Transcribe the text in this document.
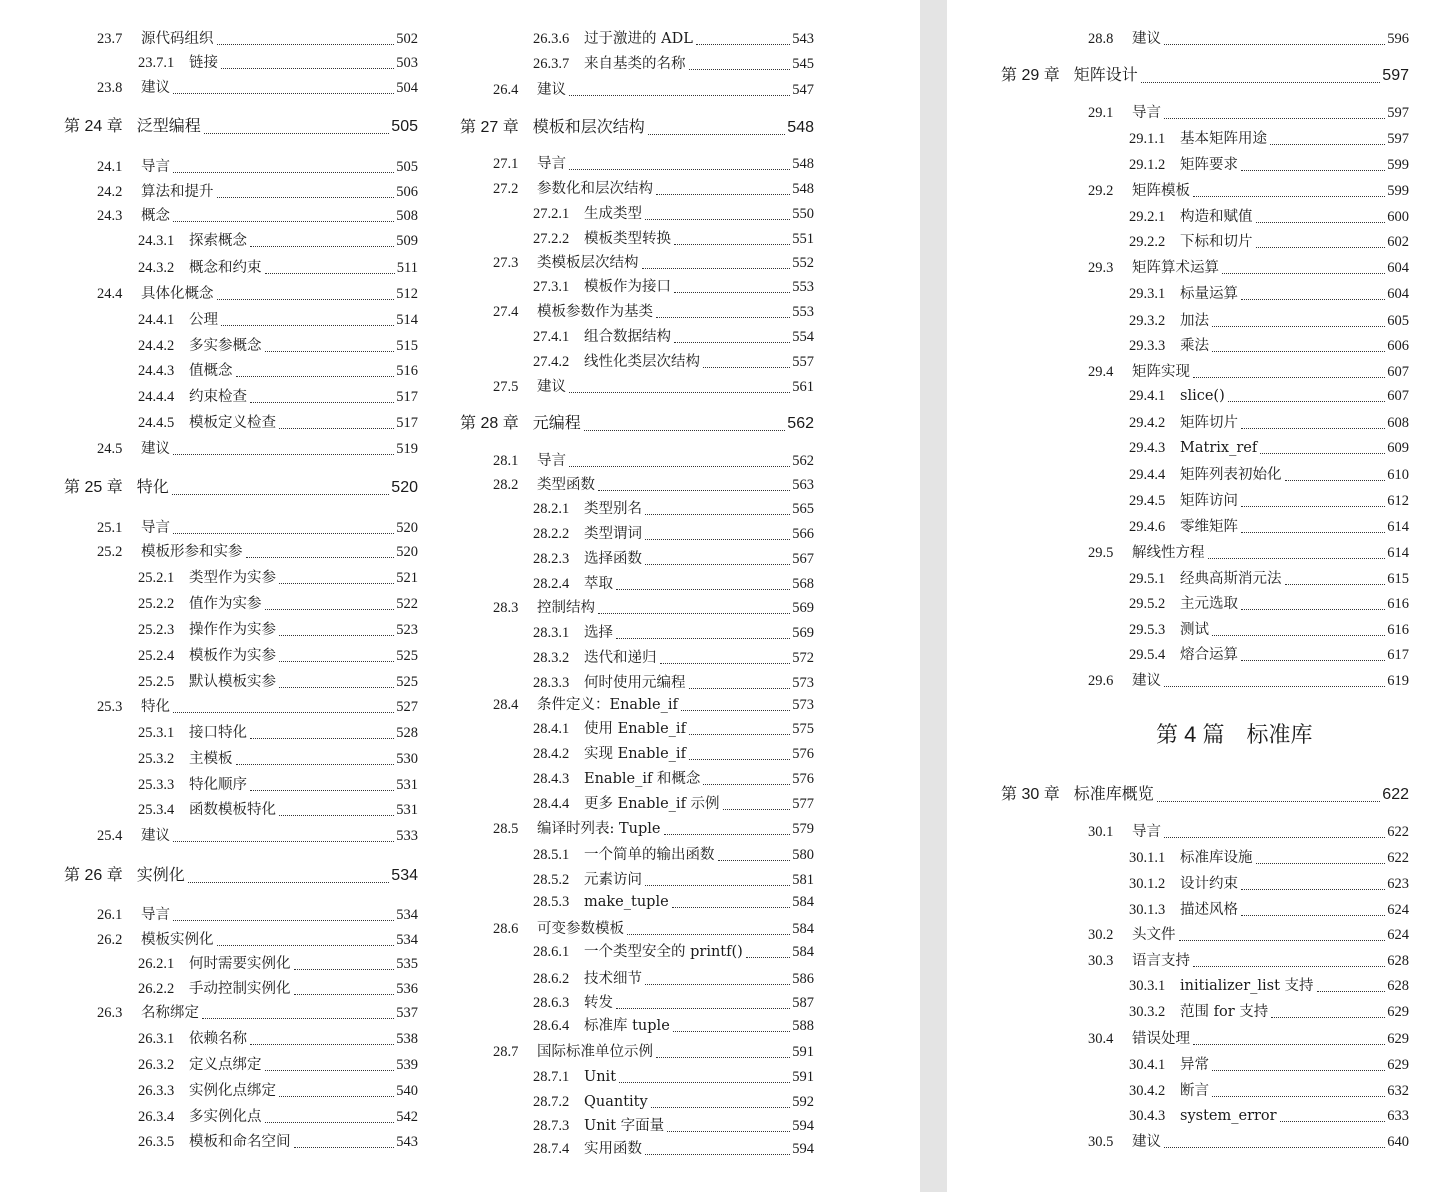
23.7	源代码组织	502
23.7.1	链接	503
23.8	建议	504
第 24 章 泛型编程	505
24.1	导言	505
24.2	算法和提升	506
24.3	概念	508
24.3.1	探索概念	509
24.3.2	概念和约束	511
24.4	具体化概念	512
24.4.1	公理	514
24.4.2	多实参概念	515
24.4.3	值概念	516
24.4.4	约束检查	517
24.4.5	模板定义检查	517
24.5	建议	519
第 25 章 特化	520
25.1	导言	520
25.2	模板形参和实参	520
25.2.1	类型作为实参	521
25.2.2	值作为实参	522
25.2.3	操作作为实参	523
25.2.4	模板作为实参	525
25.2.5	默认模板实参	525
25.3	特化	527
25.3.1	接口特化	528
25.3.2	主模板	530
25.3.3	特化顺序	531
25.3.4	函数模板特化	531
25.4	建议	533
第 26 章 实例化	534
26.1	导言	534
26.2	模板实例化	534
26.2.1	何时需要实例化	535
26.2.2	手动控制实例化	536
26.3	名称绑定	537
26.3.1	依赖名称	538
26.3.2	定义点绑定	539
26.3.3	实例化点绑定	540
26.3.4	多实例化点	542
26.3.5	模板和命名空间	543
26.3.6	过于激进的 ADL	543
26.3.7	来自基类的名称	545
26.4	建议	547
第 27 章 模板和层次结构	548
27.1	导言	548
27.2	参数化和层次结构	548
27.2.1	生成类型	550
27.2.2	模板类型转换	551
27.3	类模板层次结构	552
27.3.1	模板作为接口	553
27.4	模板参数作为基类	553
27.4.1	组合数据结构	554
27.4.2	线性化类层次结构	557
27.5	建议	561
第 28 章 元编程	562
28.1	导言	562
28.2	类型函数	563
28.2.1	类型别名	565
28.2.2	类型谓词	566
28.2.3	选择函数	567
28.2.4	萃取	568
28.3	控制结构	569
28.3.1	选择	569
28.3.2	迭代和递归	572
28.3.3	何时使用元编程	573
28.4	条件定义：Enable_if	573
28.4.1	使用 Enable_if	575
28.4.2	实现 Enable_if	576
28.4.3	Enable_if 和概念	576
28.4.4	更多 Enable_if 示例	577
28.5	编译时列表: Tuple	579
28.5.1	一个简单的输出函数	580
28.5.2	元素访问	581
28.5.3	make_tuple	584
28.6	可变参数模板	584
28.6.1	一个类型安全的 printf()	584
28.6.2	技术细节	586
28.6.3	转发	587
28.6.4	标准库 tuple	588
28.7	国际标准单位示例	591
28.7.1	Unit	591
28.7.2	Quantity	592
28.7.3	Unit 字面量	594
28.7.4	实用函数	594
28.8	建议	596
第 29 章 矩阵设计	597
29.1	导言	597
29.1.1	基本矩阵用途	597
29.1.2	矩阵要求	599
29.2	矩阵模板	599
29.2.1	构造和赋值	600
29.2.2	下标和切片	602
29.3	矩阵算术运算	604
29.3.1	标量运算	604
29.3.2	加法	605
29.3.3	乘法	606
29.4	矩阵实现	607
29.4.1	slice()	607
29.4.2	矩阵切片	608
29.4.3	Matrix_ref	609
29.4.4	矩阵列表初始化	610
29.4.5	矩阵访问	612
29.4.6	零维矩阵	614
29.5	解线性方程	614
29.5.1	经典高斯消元法	615
29.5.2	主元选取	616
29.5.3	测试	616
29.5.4	熔合运算	617
29.6	建议	619
第 4 篇　标准库
第 30 章 标准库概览	622
30.1	导言	622
30.1.1	标准库设施	622
30.1.2	设计约束	623
30.1.3	描述风格	624
30.2	头文件	624
30.3	语言支持	628
30.3.1	initializer_list 支持	628
30.3.2	范围 for 支持	629
30.4	错误处理	629
30.4.1	异常	629
30.4.2	断言	632
30.4.3	system_error	633
30.5	建议	640
